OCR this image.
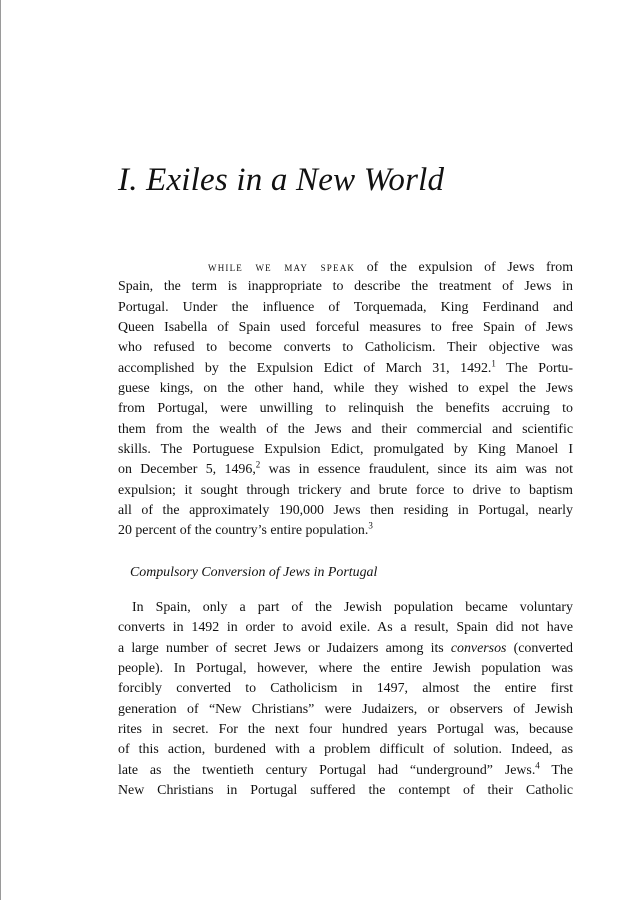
I. Exiles in a New World
while we may speak of the expulsion of Jews from
Spain, the term is inappropriate to describe the treatment of Jews in
Portugal. Under the influence of Torquemada, King Ferdinand and
Queen Isabella of Spain used forceful measures to free Spain of Jews
who refused to become converts to Catholicism. Their objective was
accomplished by the Expulsion Edict of March 31, 1492.$^1$ The Portu-
guese kings, on the other hand, while they wished to expel the Jews
from Portugal, were unwilling to relinquish the benefits accruing to
them from the wealth of the Jews and their commercial and scientific
skills. The Portuguese Expulsion Edict, promulgated by King Manoel I
on December 5, 1496,$^2$ was in essence fraudulent, since its aim was not
expulsion; it sought through trickery and brute force to drive to baptism
all of the approximately 190,000 Jews then residing in Portugal, nearly
20 percent of the country’s entire population.$^3$
Compulsory Conversion of Jews in Portugal
In Spain, only a part of the Jewish population became voluntary
converts in 1492 in order to avoid exile. As a result, Spain did not have
a large number of secret Jews or Judaizers among its conversos (converted
people). In Portugal, however, where the entire Jewish population was
forcibly converted to Catholicism in 1497, almost the entire first
generation of “New Christians” were Judaizers, or observers of Jewish
rites in secret. For the next four hundred years Portugal was, because
of this action, burdened with a problem difficult of solution. Indeed, as
late as the twentieth century Portugal had “underground” Jews.$^4$ The
New Christians in Portugal suffered the contempt of their Catholic
